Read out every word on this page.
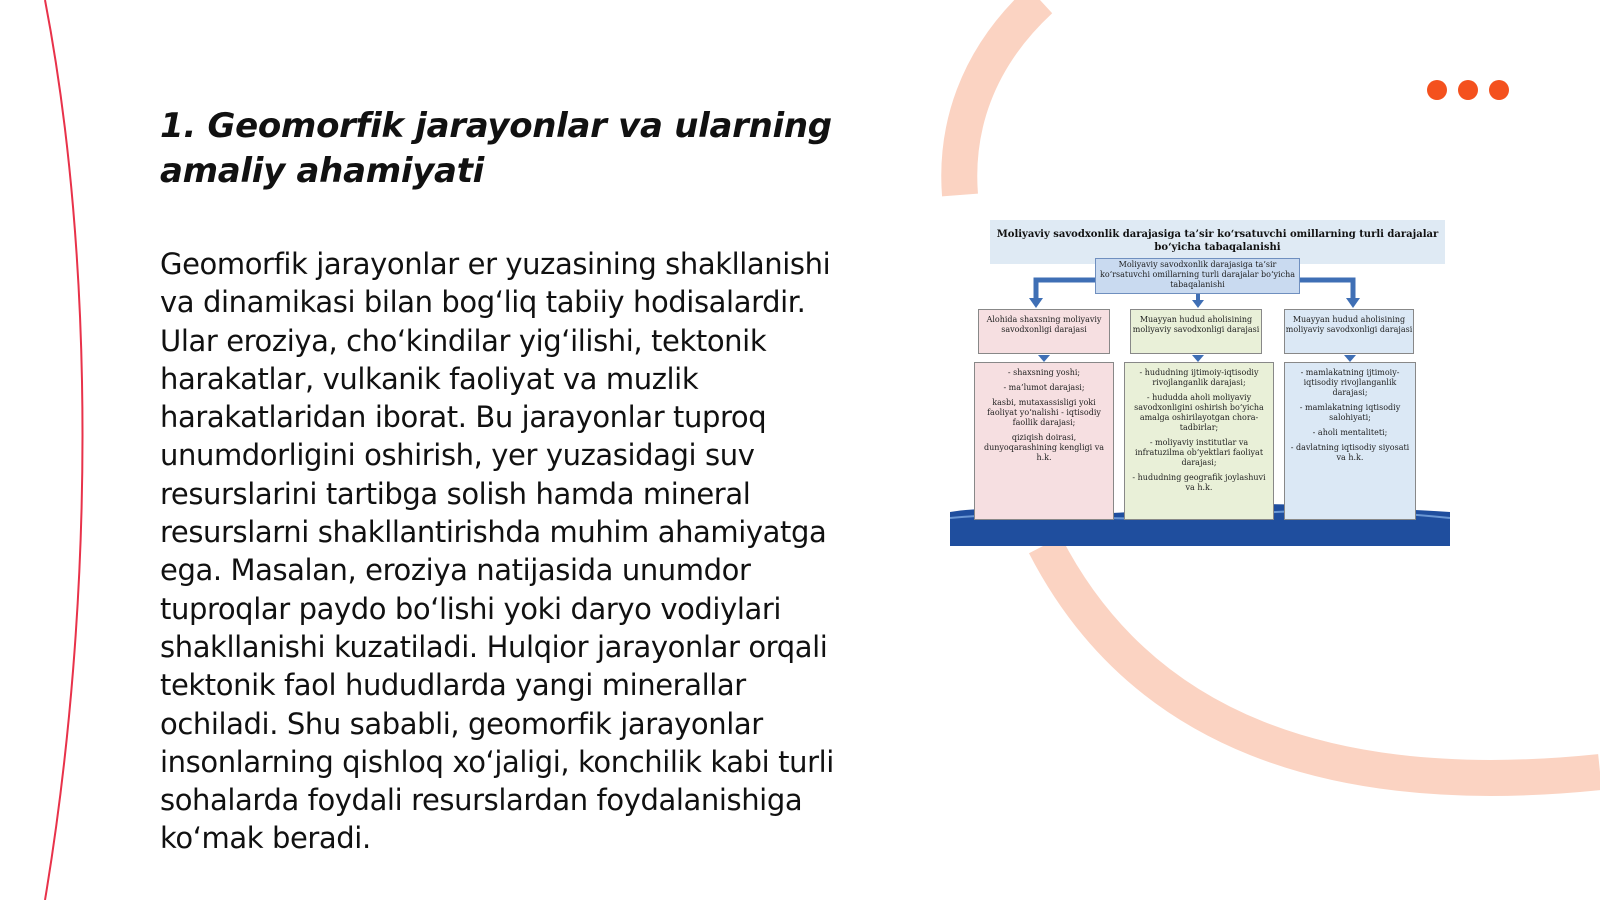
1. Geomorfik jarayonlar va ularning amaliy ahamiyati

Geomorfik jarayonlar er yuzasining shakllanishi va dinamikasi bilan bog‘liq tabiiy hodisalardir. Ular eroziya, cho‘kindilar yig‘ilishi, tektonik harakatlar, vulkanik faoliyat va muzlik harakatlaridan iborat. Bu jarayonlar tuproq unumdorligini oshirish, yer yuzasidagi suv resurslarini tartibga solish hamda mineral resurslarni shakllantirishda muhim ahamiyatga ega. Masalan, eroziya natijasida unumdor tuproqlar paydo bo‘lishi yoki daryo vodiylari shakllanishi kuzatiladi. Hulqior jarayonlar orqali tektonik faol hududlarda yangi minerallar ochiladi. Shu sababli, geomorfik jarayonlar insonlarning qishloq xo‘jaligi, konchilik kabi turli sohalarda foydali resurslardan foydalanishiga ko‘mak beradi.

Moliyaviy savodxonlik darajasiga ta’sir ko‘rsatuvchi omillarning turli darajalar bo‘yicha tabaqalanishi
Moliyaviy savodxonlik darajasiga ta’sir ko‘rsatuvchi omillarning turli darajalar bo‘yicha tabaqalanishi
Alohida shaxsning moliyaviy savodxonligi darajasi
Muayyan hudud aholisining moliyaviy savodxonligi darajasi
Muayyan hudud aholisining moliyaviy savodxonligi darajasi

- shaxsning yoshi;

- ma’lumot darajasi;

kasbi, mutaxassisligi yoki faoliyat yo‘nalishi - iqtisodiy faollik darajasi;

qiziqish doirasi, dunyoqarashining kengligi va h.k.

- hududning ijtimoiy-iqtisodiy rivojlanganlik darajasi;

- hududda aholi moliyaviy savodxonligini oshirish bo‘yicha amalga oshirilayotgan chora-tadbirlar;

- moliyaviy institutlar va infratuzilma ob’yektlari faoliyat darajasi;

- hududning geografik joylashuvi va h.k.

- mamlakatning ijtimoiy-iqtisodiy rivojlanganlik darajasi;

- mamlakatning iqtisodiy salohiyati;

- aholi mentaliteti;

- davlatning iqtisodiy siyosati va h.k.
